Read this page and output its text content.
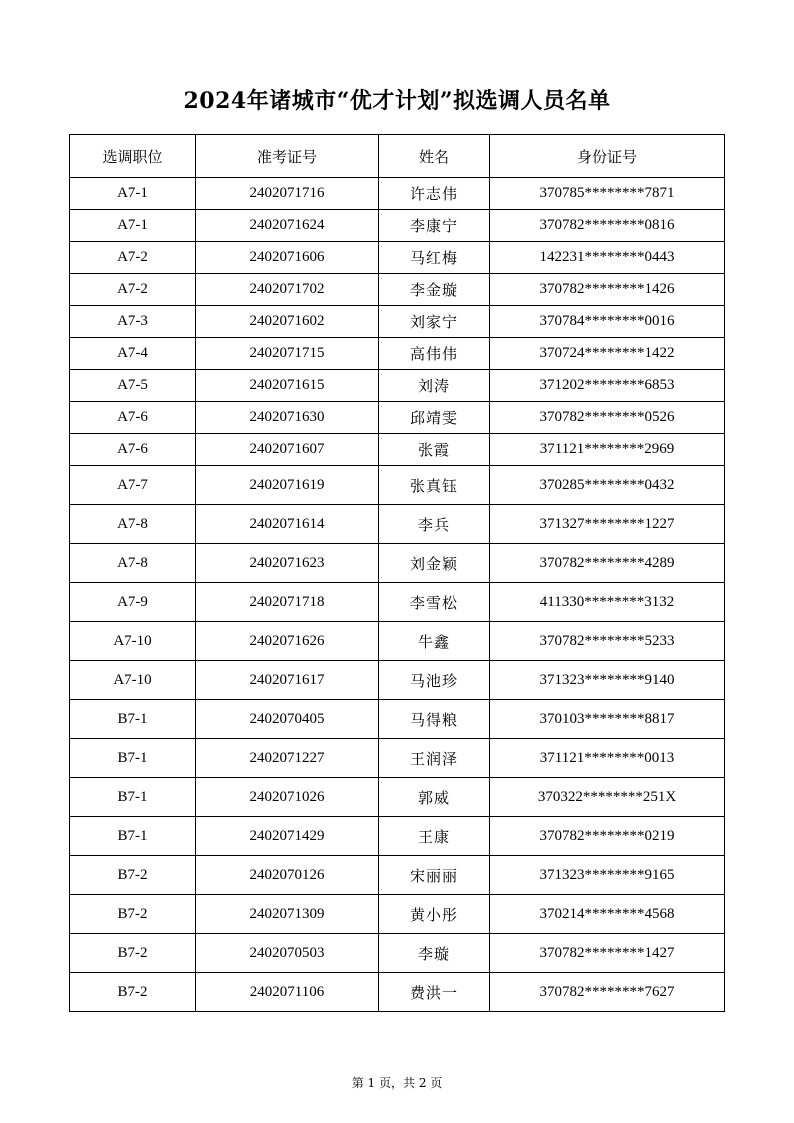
2024年诸城市“优才计划”拟选调人员名单
选调职位	准考证号	姓名	身份证号
A7-1	2402071716	许志伟	370785********7871
A7-1	2402071624	李康宁	370782********0816
A7-2	2402071606	马红梅	142231********0443
A7-2	2402071702	李金璇	370782********1426
A7-3	2402071602	刘家宁	370784********0016
A7-4	2402071715	高伟伟	370724********1422
A7-5	2402071615	刘涛	371202********6853
A7-6	2402071630	邱靖雯	370782********0526
A7-6	2402071607	张霞	371121********2969
A7-7	2402071619	张真钰	370285********0432
A7-8	2402071614	李兵	371327********1227
A7-8	2402071623	刘金颖	370782********4289
A7-9	2402071718	李雪松	411330********3132
A7-10	2402071626	牛鑫	370782********5233
A7-10	2402071617	马池珍	371323********9140
B7-1	2402070405	马得粮	370103********8817
B7-1	2402071227	王润泽	371121********0013
B7-1	2402071026	郭威	370322********251X
B7-1	2402071429	王康	370782********0219
B7-2	2402070126	宋丽丽	371323********9165
B7-2	2402071309	黄小彤	370214********4568
B7-2	2402070503	李璇	370782********1427
B7-2	2402071106	费洪一	370782********7627
第 1 页，共 2 页
